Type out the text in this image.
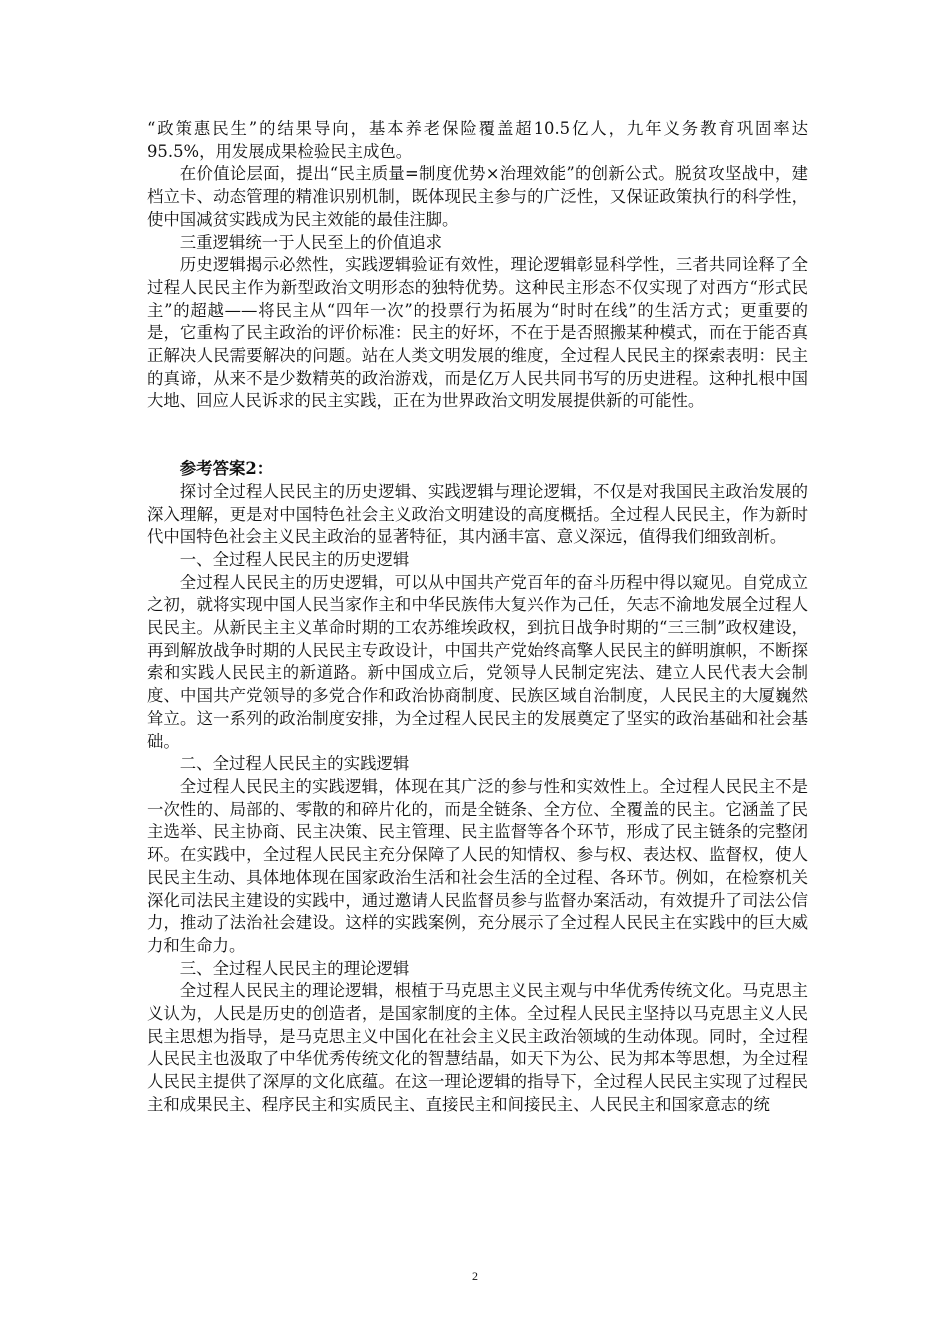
“政策惠民生”的结果导向，基本养老保险覆盖超10.5亿人，九年义务教育巩固率达95.5%，用发展成果检验民主成色。

在价值论层面，提出“民主质量=制度优势×治理效能”的创新公式。脱贫攻坚战中，建档立卡、动态管理的精准识别机制，既体现民主参与的广泛性，又保证政策执行的科学性，使中国减贫实践成为民主效能的最佳注脚。

三重逻辑统一于人民至上的价值追求

历史逻辑揭示必然性，实践逻辑验证有效性，理论逻辑彰显科学性，三者共同诠释了全过程人民民主作为新型政治文明形态的独特优势。这种民主形态不仅实现了对西方“形式民主”的超越——将民主从“四年一次”的投票行为拓展为“时时在线”的生活方式；更重要的是，它重构了民主政治的评价标准：民主的好坏，不在于是否照搬某种模式，而在于能否真正解决人民需要解决的问题。站在人类文明发展的维度，全过程人民民主的探索表明：民主的真谛，从来不是少数精英的政治游戏，而是亿万人民共同书写的历史进程。这种扎根中国大地、回应人民诉求的民主实践，正在为世界政治文明发展提供新的可能性。

参考答案2：

探讨全过程人民民主的历史逻辑、实践逻辑与理论逻辑，不仅是对我国民主政治发展的深入理解，更是对中国特色社会主义政治文明建设的高度概括。全过程人民民主，作为新时代中国特色社会主义民主政治的显著特征，其内涵丰富、意义深远，值得我们细致剖析。

一、全过程人民民主的历史逻辑

全过程人民民主的历史逻辑，可以从中国共产党百年的奋斗历程中得以窥见。自党成立之初，就将实现中国人民当家作主和中华民族伟大复兴作为己任，矢志不渝地发展全过程人民民主。从新民主主义革命时期的工农苏维埃政权，到抗日战争时期的“三三制”政权建设，再到解放战争时期的人民民主专政设计，中国共产党始终高擎人民民主的鲜明旗帜，不断探索和实践人民民主的新道路。新中国成立后，党领导人民制定宪法、建立人民代表大会制度、中国共产党领导的多党合作和政治协商制度、民族区域自治制度，人民民主的大厦巍然耸立。这一系列的政治制度安排，为全过程人民民主的发展奠定了坚实的政治基础和社会基础。

二、全过程人民民主的实践逻辑

全过程人民民主的实践逻辑，体现在其广泛的参与性和实效性上。全过程人民民主不是一次性的、局部的、零散的和碎片化的，而是全链条、全方位、全覆盖的民主。它涵盖了民主选举、民主协商、民主决策、民主管理、民主监督等各个环节，形成了民主链条的完整闭环。在实践中，全过程人民民主充分保障了人民的知情权、参与权、表达权、监督权，使人民民主生动、具体地体现在国家政治生活和社会生活的全过程、各环节。例如，在检察机关深化司法民主建设的实践中，通过邀请人民监督员参与监督办案活动，有效提升了司法公信力，推动了法治社会建设。这样的实践案例，充分展示了全过程人民民主在实践中的巨大威力和生命力。

三、全过程人民民主的理论逻辑

全过程人民民主的理论逻辑，根植于马克思主义民主观与中华优秀传统文化。马克思主义认为，人民是历史的创造者，是国家制度的主体。全过程人民民主坚持以马克思主义人民民主思想为指导，是马克思主义中国化在社会主义民主政治领域的生动体现。同时，全过程人民民主也汲取了中华优秀传统文化的智慧结晶，如天下为公、民为邦本等思想，为全过程人民民主提供了深厚的文化底蕴。在这一理论逻辑的指导下，全过程人民民主实现了过程民主和成果民主、程序民主和实质民主、直接民主和间接民主、人民民主和国家意志的统

2
